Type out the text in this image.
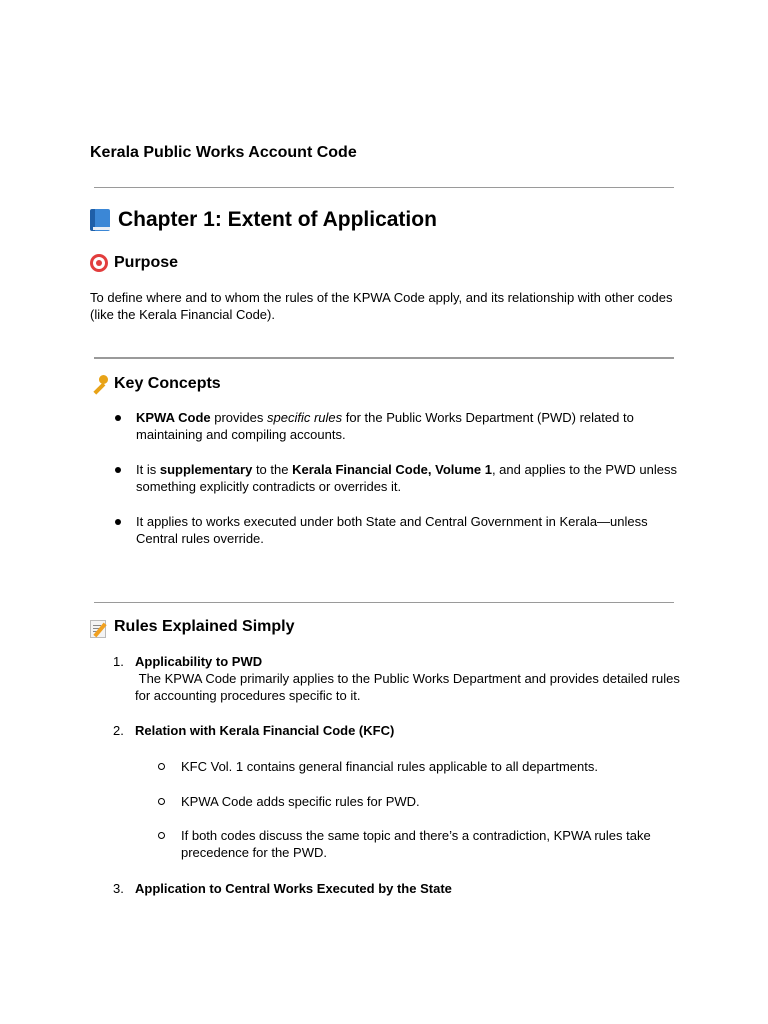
Kerala Public Works Account Code
Chapter 1: Extent of Application
Purpose

To define where and to whom the rules of the KPWA Code apply, and its relationship with other codes (like the Kerala Financial Code).

Key Concepts
KPWA Code provides specific rules for the Public Works Department (PWD) related to maintaining and compiling accounts.
It is supplementary to the Kerala Financial Code, Volume 1, and applies to the PWD unless something explicitly contradicts or overrides it.
It applies to works executed under both State and Central Government in Kerala—unless Central rules override.
Rules Explained Simply
1. Applicability to PWD
The KPWA Code primarily applies to the Public Works Department and provides detailed rules for accounting procedures specific to it.
2. Relation with Kerala Financial Code (KFC)
KFC Vol. 1 contains general financial rules applicable to all departments.
KPWA Code adds specific rules for PWD.
If both codes discuss the same topic and there’s a contradiction, KPWA rules take precedence for the PWD.
3. Application to Central Works Executed by the State
